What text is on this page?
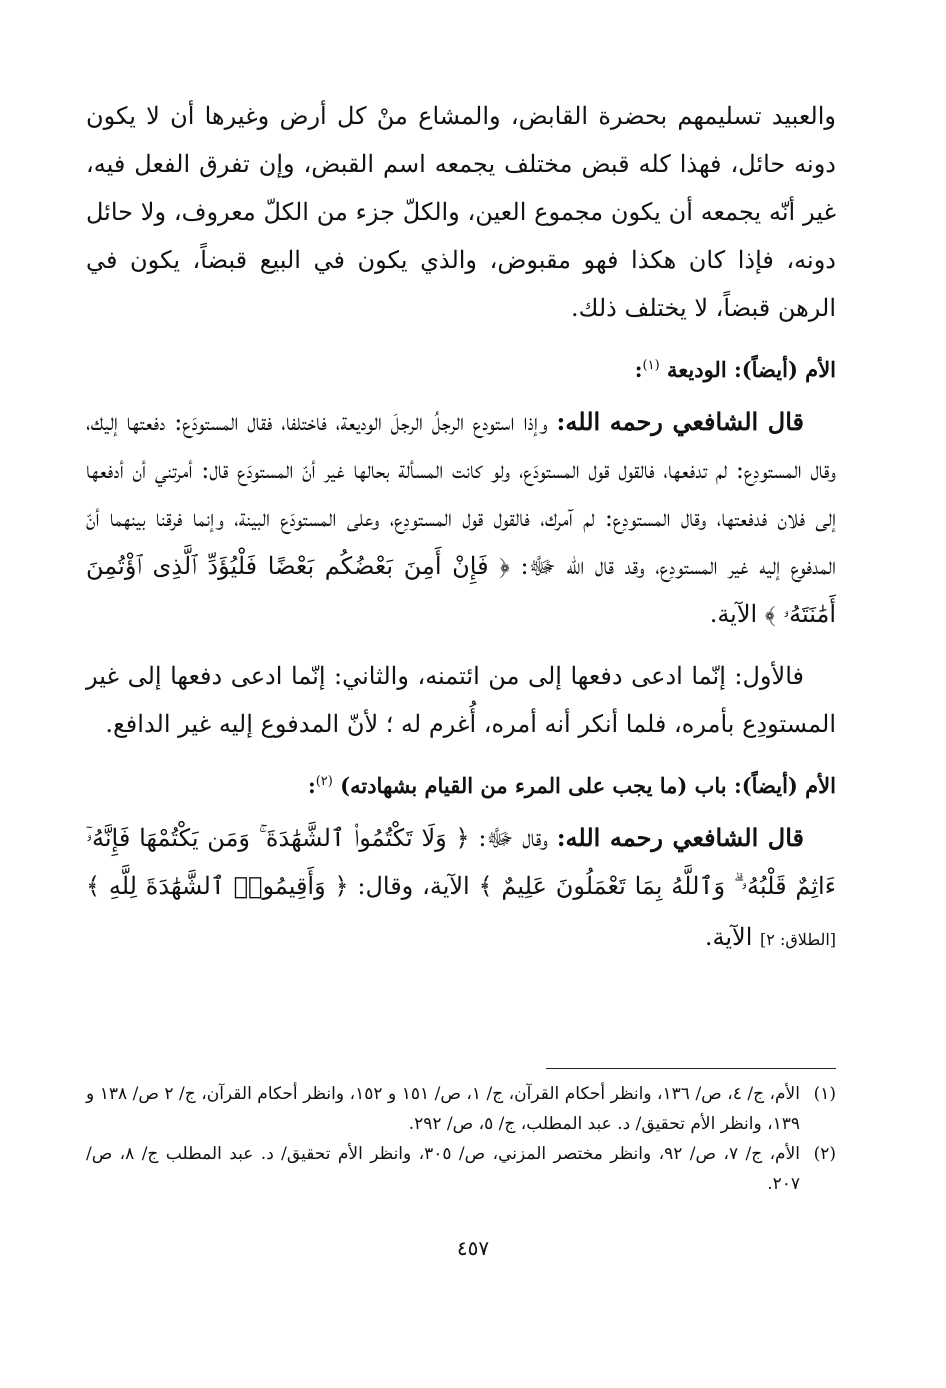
والعبيد تسليمهم بحضرة القابض، والمشاع منْ كل أرض وغيرها أن لا يكون دونه حائل، فهذا كله قبض مختلف يجمعه اسم القبض، وإن تفرق الفعل فيه، غير أنّه يجمعه أن يكون مجموع العين، والكلّ جزء من الكلّ معروف، ولا حائل دونه، فإذا كان هكذا فهو مقبوض، والذي يكون في البيع قبضاً، يكون في الرهن قبضاً، لا يختلف ذلك.

الأم (أيضاً): الوديعة $^{(١)}$:

قال الشافعي رحمه الله: وإذا استودع الرجلُ الرجلَ الوديعة، فاختلفا، فقال المستودَع: دفعتها إليك، وقال المستودِع: لم تدفعها، فالقول قول المستودَع، ولو كانت المسألة بحالها غير أنّ المستودَع قال: أمرتني أن أدفعها إلى فلان فدفعتها، وقال المستودِع: لم آمرك، فالقول قول المستودِع، وعلى المستودَع البينة، وإنما فرقنا بينهما أنّ المدفوع إليه غير المستودِع، وقد قال الله ﷻ: ﴿ فَإِنْ أَمِنَ بَعْضُكُم بَعْضًا فَلْيُؤَدِّ ٱلَّذِى ٱؤْتُمِنَ أَمَٰنَتَهُۥ ﴾ الآية.

فالأول: إنّما ادعى دفعها إلى من ائتمنه، والثاني: إنّما ادعى دفعها إلى غير المستودِع بأمره، فلما أنكر أنه أمره، أُغرم له ؛ لأنّ المدفوع إليه غير الدافع.

الأم (أيضاً): باب (ما يجب على المرء من القيام بشهادته) $^{(٢)}$:

قال الشافعي رحمه الله: وقال ﷻ: ﴿ وَلَا تَكْتُمُوا۟ ٱلشَّهَٰدَةَ ۚ وَمَن يَكْتُمْهَا فَإِنَّهُۥٓ ءَاثِمٌ قَلْبُهُۥ ۗ وَٱللَّهُ بِمَا تَعْمَلُونَ عَلِيمٌ ﴾ الآية، وقال: ﴿ وَأَقِيمُوا۟ ٱلشَّهَٰدَةَ لِلَّهِ ﴾ [الطلاق: ٢] الآية.

(١)
الأم، ج/ ٤، ص/ ١٣٦، وانظر أحكام القرآن، ج/ ١، ص/ ١٥١ و ١٥٢، وانظر أحكام القرآن، ج/ ٢ ص/ ١٣٨ و ١٣٩، وانظر الأم تحقيق/ د. عبد المطلب، ج/ ٥، ص/ ٢٩٢.
(٢)
الأم، ج/ ٧، ص/ ٩٢، وانظر مختصر المزني، ص/ ٣٠٥، وانظر الأم تحقيق/ د. عبد المطلب ج/ ٨، ص/ ٢٠٧.
٤٥٧
